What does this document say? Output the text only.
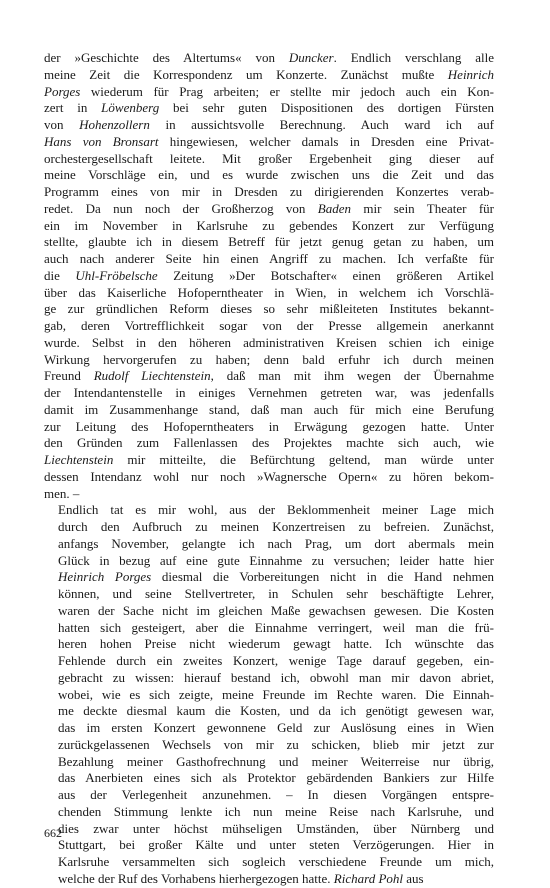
der »Geschichte des Altertums« von Duncker. Endlich verschlang alle
meine Zeit die Korrespondenz um Konzerte. Zunächst mußte Heinrich
Porges wiederum für Prag arbeiten; er stellte mir jedoch auch ein Kon-
zert in Löwenberg bei sehr guten Dispositionen des dortigen Fürsten
von Hohenzollern in aussichtsvolle Berechnung. Auch ward ich auf
Hans von Bronsart hingewiesen, welcher damals in Dresden eine Privat-
orchestergesellschaft leitete. Mit großer Ergebenheit ging dieser auf
meine Vorschläge ein, und es wurde zwischen uns die Zeit und das
Programm eines von mir in Dresden zu dirigierenden Konzertes verab-
redet. Da nun noch der Großherzog von Baden mir sein Theater für
ein im November in Karlsruhe zu gebendes Konzert zur Verfügung
stellte, glaubte ich in diesem Betreff für jetzt genug getan zu haben, um
auch nach anderer Seite hin einen Angriff zu machen. Ich verfaßte für
die Uhl-Fröbelsche Zeitung »Der Botschafter« einen größeren Artikel
über das Kaiserliche Hofoperntheater in Wien, in welchem ich Vorschlä-
ge zur gründlichen Reform dieses so sehr mißleiteten Institutes bekannt-
gab, deren Vortrefflichkeit sogar von der Presse allgemein anerkannt
wurde. Selbst in den höheren administrativen Kreisen schien ich einige
Wirkung hervorgerufen zu haben; denn bald erfuhr ich durch meinen
Freund Rudolf Liechtenstein, daß man mit ihm wegen der Übernahme
der Intendantenstelle in einiges Vernehmen getreten war, was jedenfalls
damit im Zusammenhange stand, daß man auch für mich eine Berufung
zur Leitung des Hofoperntheaters in Erwägung gezogen hatte. Unter
den Gründen zum Fallenlassen des Projektes machte sich auch, wie
Liechtenstein mir mitteilte, die Befürchtung geltend, man würde unter
dessen Intendanz wohl nur noch »Wagnersche Opern« zu hören bekom-
men. –

Endlich tat es mir wohl, aus der Beklommenheit meiner Lage mich
durch den Aufbruch zu meinen Konzertreisen zu befreien. Zunächst,
anfangs November, gelangte ich nach Prag, um dort abermals mein
Glück in bezug auf eine gute Einnahme zu versuchen; leider hatte hier
Heinrich Porges diesmal die Vorbereitungen nicht in die Hand nehmen
können, und seine Stellvertreter, in Schulen sehr beschäftigte Lehrer,
waren der Sache nicht im gleichen Maße gewachsen gewesen. Die Kosten
hatten sich gesteigert, aber die Einnahme verringert, weil man die frü-
heren hohen Preise nicht wiederum gewagt hatte. Ich wünschte das
Fehlende durch ein zweites Konzert, wenige Tage darauf gegeben, ein-
gebracht zu wissen: hierauf bestand ich, obwohl man mir davon abriet,
wobei, wie es sich zeigte, meine Freunde im Rechte waren. Die Einnah-
me deckte diesmal kaum die Kosten, und da ich genötigt gewesen war,
das im ersten Konzert gewonnene Geld zur Auslösung eines in Wien
zurückgelassenen Wechsels von mir zu schicken, blieb mir jetzt zur
Bezahlung meiner Gasthofrechnung und meiner Weiterreise nur übrig,
das Anerbieten eines sich als Protektor gebärdenden Bankiers zur Hilfe
aus der Verlegenheit anzunehmen. – In diesen Vorgängen entspre-
chenden Stimmung lenkte ich nun meine Reise nach Karlsruhe, und
dies zwar unter höchst mühseligen Umständen, über Nürnberg und
Stuttgart, bei großer Kälte und unter steten Verzögerungen. Hier in
Karlsruhe versammelten sich sogleich verschiedene Freunde um mich,
welche der Ruf des Vorhabens hierhergezogen hatte. Richard Pohl aus

662
